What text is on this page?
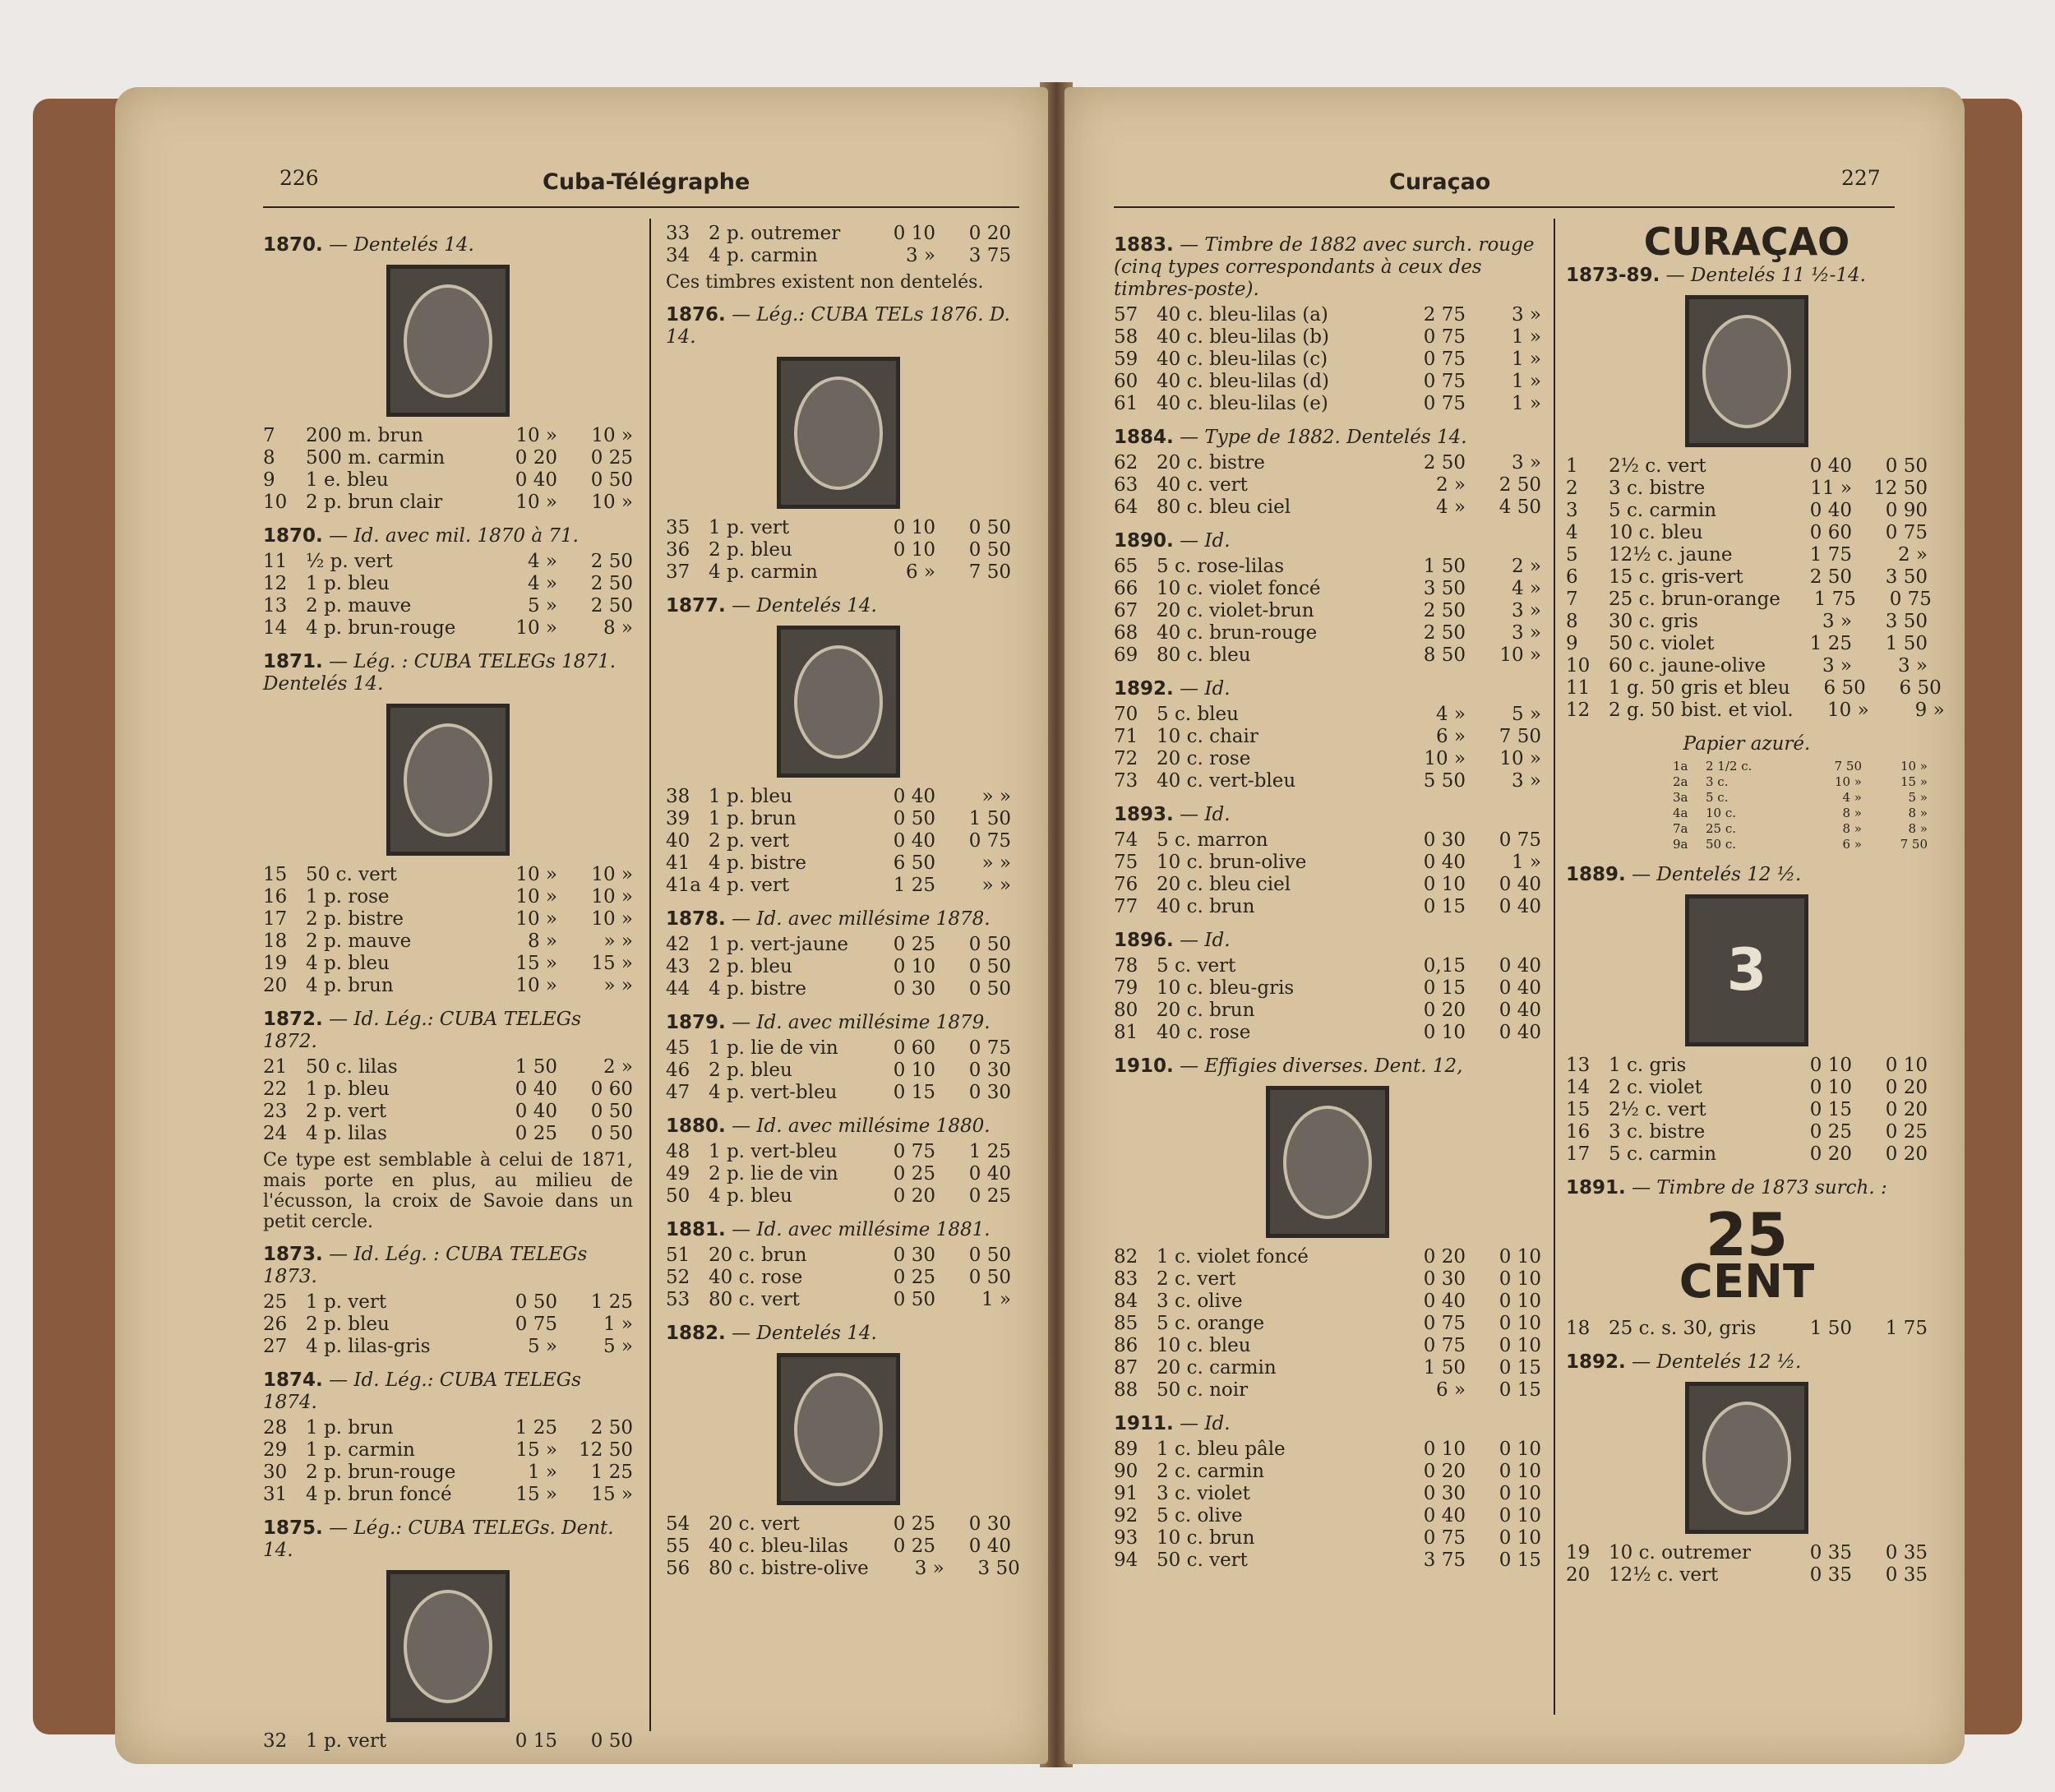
226	Cuba-Télégraphe
1870. — Dentelés 14.
7	200 m. brun	10 »	10 »
8	500 m. carmin	0 20	0 25
9	1 e. bleu	0 40	0 50
10 2 p. brun clair	10 »	10 »
1870. — Id. avec mil. 1870 à 71.
11 ½ p. vert	4 »	2 50
12 1 p. bleu	4 »	2 50
13 2 p. mauve	5 »	2 50
14 4 p. brun-rouge	10 »	8 »
1871. — Lég. : CUBA TELEGs 1871. Dentelés 14.
15 50 c. vert	10 »	10 »
16 1 p. rose	10 »	10 »
17 2 p. bistre	10 »	10 »
18 2 p. mauve	8 »	» »
19 4 p. bleu	15 »	15 »
20 4 p. brun	10 »	» »
1872. — Id. Lég.: CUBA TELEGs 1872.
21 50 c. lilas	1 50	2 »
22 1 p. bleu	0 40	0 60
23 2 p. vert	0 40	0 50
24 4 p. lilas	0 25	0 50
Ce type est semblable à celui de 1871, mais porte en plus, au milieu de l'écusson, la croix de Savoie dans un petit cercle.
1873. — Id. Lég. : CUBA TELEGs 1873.
25 1 p. vert	0 50	1 25
26 2 p. bleu	0 75	1 »
27 4 p. lilas-gris	5 »	5 »
1874. — Id. Lég.: CUBA TELEGs 1874.
28 1 p. brun	1 25	2 50
29 1 p. carmin	15 »	12 50
30 2 p. brun-rouge	1 »	1 25
31 4 p. brun foncé	15 »	15 »
1875. — Lég.: CUBA TELEGs. Dent. 14.
32 1 p. vert	0 15	0 50
33 2 p. outremer	0 10	0 20
34 4 p. carmin	3 »	3 75
Ces timbres existent non dentelés.
1876. — Lég.: CUBA TELs 1876. D. 14.
35 1 p. vert	0 10	0 50
36 2 p. bleu	0 10	0 50
37 4 p. carmin	6 »	7 50
1877. — Dentelés 14.
38 1 p. bleu	0 40	» »
39 1 p. brun	0 50	1 50
40 2 p. vert	0 40	0 75
41 4 p. bistre	6 50	» »
41a 4 p. vert	1 25	» »
1878. — Id. avec millésime 1878.
42 1 p. vert-jaune	0 25	0 50
43 2 p. bleu	0 10	0 50
44 4 p. bistre	0 30	0 50
1879. — Id. avec millésime 1879.
45 1 p. lie de vin	0 60	0 75
46 2 p. bleu	0 10	0 30
47 4 p. vert-bleu	0 15	0 30
1880. — Id. avec millésime 1880.
48 1 p. vert-bleu	0 75	1 25
49 2 p. lie de vin	0 25	0 40
50 4 p. bleu	0 20	0 25
1881. — Id. avec millésime 1881.
51 20 c. brun	0 30	0 50
52 40 c. rose	0 25	0 50
53 80 c. vert	0 50	1 »
1882. — Dentelés 14.
54 20 c. vert	0 25	0 30
55 40 c. bleu-lilas	0 25	0 40
56 80 c. bistre-olive	3 »	3 50
Curaçao	227
1883. — Timbre de 1882 avec surch. rouge (cinq types correspondants à ceux des timbres-poste).
57 40 c. bleu-lilas (a)	2 75	3 »
58 40 c. bleu-lilas (b)	0 75	1 »
59 40 c. bleu-lilas (c)	0 75	1 »
60 40 c. bleu-lilas (d)	0 75	1 »
61 40 c. bleu-lilas (e)	0 75	1 »
1884. — Type de 1882. Dentelés 14.
62 20 c. bistre	2 50	3 »
63 40 c. vert	2 »	2 50
64 80 c. bleu ciel	4 »	4 50
1890. — Id.
65 5 c. rose-lilas	1 50	2 »
66 10 c. violet foncé	3 50	4 »
67 20 c. violet-brun	2 50	3 »
68 40 c. brun-rouge	2 50	3 »
69 80 c. bleu	8 50	10 »
1892. — Id.
70 5 c. bleu	4 »	5 »
71 10 c. chair	6 »	7 50
72 20 c. rose	10 »	10 »
73 40 c. vert-bleu	5 50	3 »
1893. — Id.
74 5 c. marron	0 30	0 75
75 10 c. brun-olive	0 40	1 »
76 20 c. bleu ciel	0 10	0 40
77 40 c. brun	0 15	0 40
1896. — Id.
78 5 c. vert	0,15	0 40
79 10 c. bleu-gris	0 15	0 40
80 20 c. brun	0 20	0 40
81 40 c. rose	0 10	0 40
1910. — Effigies diverses. Dent. 12,
82 1 c. violet foncé	0 20	0 10
83 2 c. vert	0 30	0 10
84 3 c. olive	0 40	0 10
85 5 c. orange	0 75	0 10
86 10 c. bleu	0 75	0 10
87 20 c. carmin	1 50	0 15
88 50 c. noir	6 »	0 15
1911. — Id.
89 1 c. bleu pâle	0 10	0 10
90 2 c. carmin	0 20	0 10
91 3 c. violet	0 30	0 10
92 5 c. olive	0 40	0 10
93 10 c. brun	0 75	0 10
94 50 c. vert	3 75	0 15
CURAÇAO
1873-89. — Dentelés 11 ½-14.
1	2½ c. vert	0 40	0 50
2	3 c. bistre	11 »	12 50
3	5 c. carmin	0 40	0 90
4	10 c. bleu	0 60	0 75
5	12½ c. jaune	1 75	2 »
6	15 c. gris-vert	2 50	3 50
7	25 c. brun-orange	1 75	0 75
8	30 c. gris	3 »	3 50
9	50 c. violet	1 25	1 50
10 60 c. jaune-olive	3 »	3 »
11 1 g. 50 gris et bleu	6 50	6 50
12 2 g. 50 bist. et viol.	10 »	9 »
Papier azuré.
1a	2 1/2 c.	7 50	10 »
2a	3 c.	10 »	15 »
3a	5 c.	4 »	5 »
4a	10 c.	8 »	8 »
7a	25 c.	8 »	8 »
9a	50 c.	6 »	7 50
1889. — Dentelés 12 ½.
3
13 1 c. gris	0 10	0 10
14 2 c. violet	0 10	0 20
15 2½ c. vert	0 15	0 20
16 3 c. bistre	0 25	0 25
17 5 c. carmin	0 20	0 20
1891. — Timbre de 1873 surch. :
25
CENT
18 25 c. s. 30, gris	1 50	1 75
1892. — Dentelés 12 ½.
19 10 c. outremer	0 35	0 35
20 12½ c. vert	0 35	0 35
